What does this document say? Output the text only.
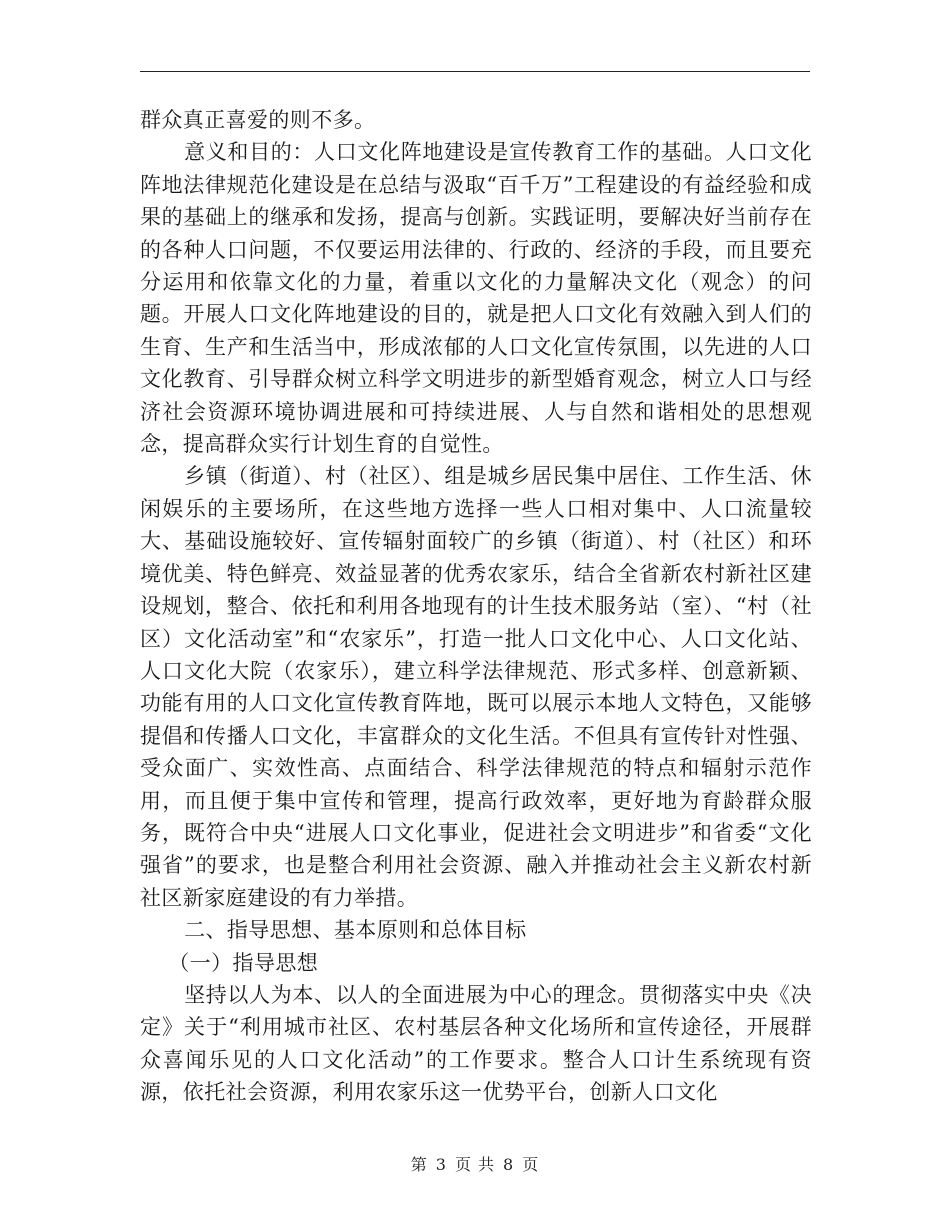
群众真正喜爱的则不多。

意义和目的：人口文化阵地建设是宣传教育工作的基础。人口文化阵地法律规范化建设是在总结与汲取“百千万”工程建设的有益经验和成果的基础上的继承和发扬，提高与创新。实践证明，要解决好当前存在的各种人口问题，不仅要运用法律的、行政的、经济的手段，而且要充分运用和依靠文化的力量，着重以文化的力量解决文化（观念）的问题。开展人口文化阵地建设的目的，就是把人口文化有效融入到人们的生育、生产和生活当中，形成浓郁的人口文化宣传氛围，以先进的人口文化教育、引导群众树立科学文明进步的新型婚育观念，树立人口与经济社会资源环境协调进展和可持续进展、人与自然和谐相处的思想观念，提高群众实行计划生育的自觉性。

乡镇（街道）、村（社区）、组是城乡居民集中居住、工作生活、休闲娱乐的主要场所，在这些地方选择一些人口相对集中、人口流量较大、基础设施较好、宣传辐射面较广的乡镇（街道）、村（社区）和环境优美、特色鲜亮、效益显著的优秀农家乐，结合全省新农村新社区建设规划，整合、依托和利用各地现有的计生技术服务站（室）、“村（社区）文化活动室”和“农家乐”，打造一批人口文化中心、人口文化站、人口文化大院（农家乐），建立科学法律规范、形式多样、创意新颖、功能有用的人口文化宣传教育阵地，既可以展示本地人文特色，又能够提倡和传播人口文化，丰富群众的文化生活。不但具有宣传针对性强、受众面广、实效性高、点面结合、科学法律规范的特点和辐射示范作用，而且便于集中宣传和管理，提高行政效率，更好地为育龄群众服务，既符合中央“进展人口文化事业，促进社会文明进步”和省委“文化强省”的要求，也是整合利用社会资源、融入并推动社会主义新农村新社区新家庭建设的有力举措。

二、指导思想、基本原则和总体目标

（一）指导思想

坚持以人为本、以人的全面进展为中心的理念。贯彻落实中央《决定》关于“利用城市社区、农村基层各种文化场所和宣传途径，开展群众喜闻乐见的人口文化活动”的工作要求。整合人口计生系统现有资源，依托社会资源，利用农家乐这一优势平台，创新人口文化

第 3 页 共 8 页
